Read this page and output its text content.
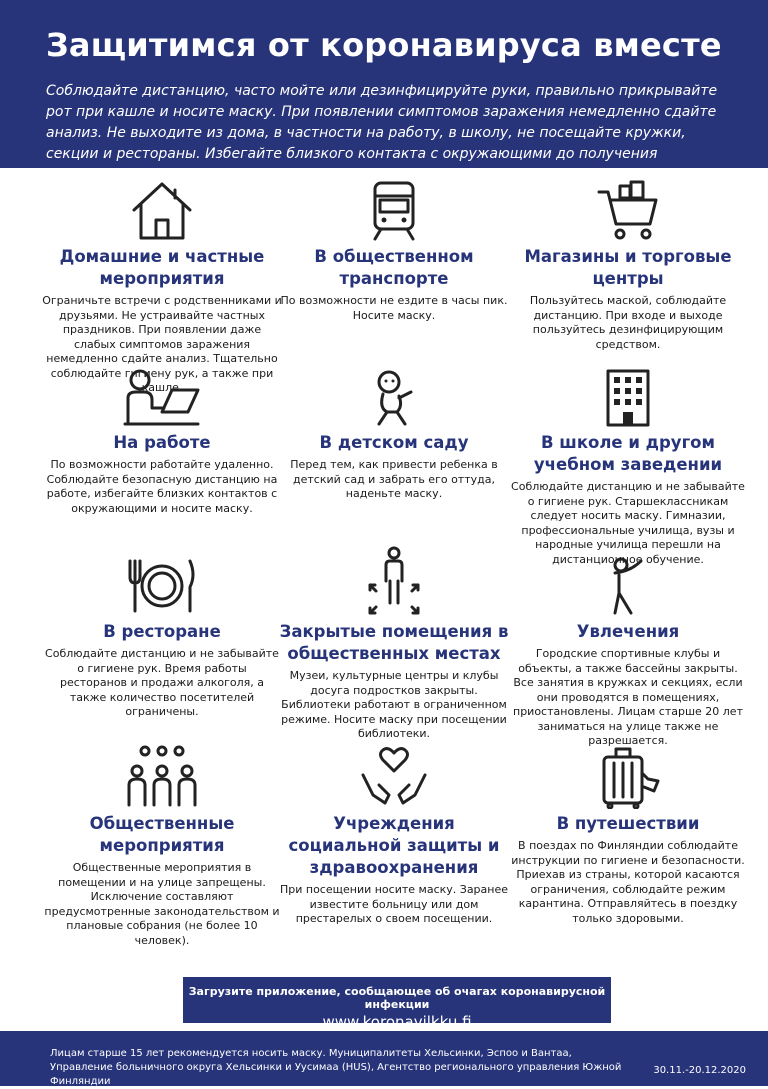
Защитимся от коронавируса вместе

Соблюдайте дистанцию, часто мойте или дезинфицируйте руки, правильно прикрывайте рот при кашле и носите маску. При появлении симптомов заражения немедленно сдайте анализ. Не выходите из дома, в частности на работу, в школу, не посещайте кружки, секции и рестораны. Избегайте близкого контакта с окружающими до получения результатов теста.

Домашние и частные мероприятия

Ограничьте встречи с родственниками и друзьями. Не устраивайте частных праздников. При появлении даже слабых симптомов заражения немедленно сдайте анализ. Тщательно соблюдайте гигиену рук, а также при кашле.

В общественном транспорте

По возможности не ездите в часы пик. Носите маску.

Магазины и торговые центры

Пользуйтесь маской, соблюдайте дистанцию. При входе и выходе пользуйтесь дезинфицирующим средством.

На работе

По возможности работайте удаленно. Соблюдайте безопасную дистанцию на работе, избегайте близких контактов с окружающими и носите маску.

В детском саду

Перед тем, как привести ребенка в детский сад и забрать его оттуда, наденьте маску.

В школе и другом учебном заведении

Соблюдайте дистанцию и не забывайте о гигиене рук. Старшеклассникам следует носить маску. Гимназии, профессиональные училища, вузы и народные училища перешли на дистанционное обучение.

В ресторане

Соблюдайте дистанцию и не забывайте о гигиене рук. Время работы ресторанов и продажи алкоголя, а также количество посетителей ограничены.

Закрытые помещения в общественных местах

Музеи, культурные центры и клубы досуга подростков закрыты. Библиотеки работают в ограниченном режиме. Носите маску при посещении библиотеки.

Увлечения

Городские спортивные клубы и объекты, а также бассейны закрыты. Все занятия в кружках и секциях, если они проводятся в помещениях, приостановлены. Лицам старше 20 лет заниматься на улице также не разрешается.

Общественные мероприятия

Общественные мероприятия в помещении и на улице запрещены. Исключение составляют предусмотренные законодательством и плановые собрания (не более 10 человек).

Учреждения социальной защиты и здравоохранения

При посещении носите маску. Заранее известите больницу или дом престарелых о своем посещении.

В путешествии

В поездах по Финляндии соблюдайте инструкции по гигиене и безопасности. Приехав из страны, которой касаются ограничения, соблюдайте режим карантина. Отправляйтесь в поездку только здоровыми.

Загрузите приложение, сообщающее об очагах коронавирусной инфекции
www.koronavilkku.fi
Лицам старше 15 лет рекомендуется носить маску. Муниципалитеты Хельсинки, Эспоо и Вантаа, Управление больничного округа Хельсинки и Уусимаа (HUS), Агентство регионального управления Южной Финляндии
30.11.-20.12.2020
